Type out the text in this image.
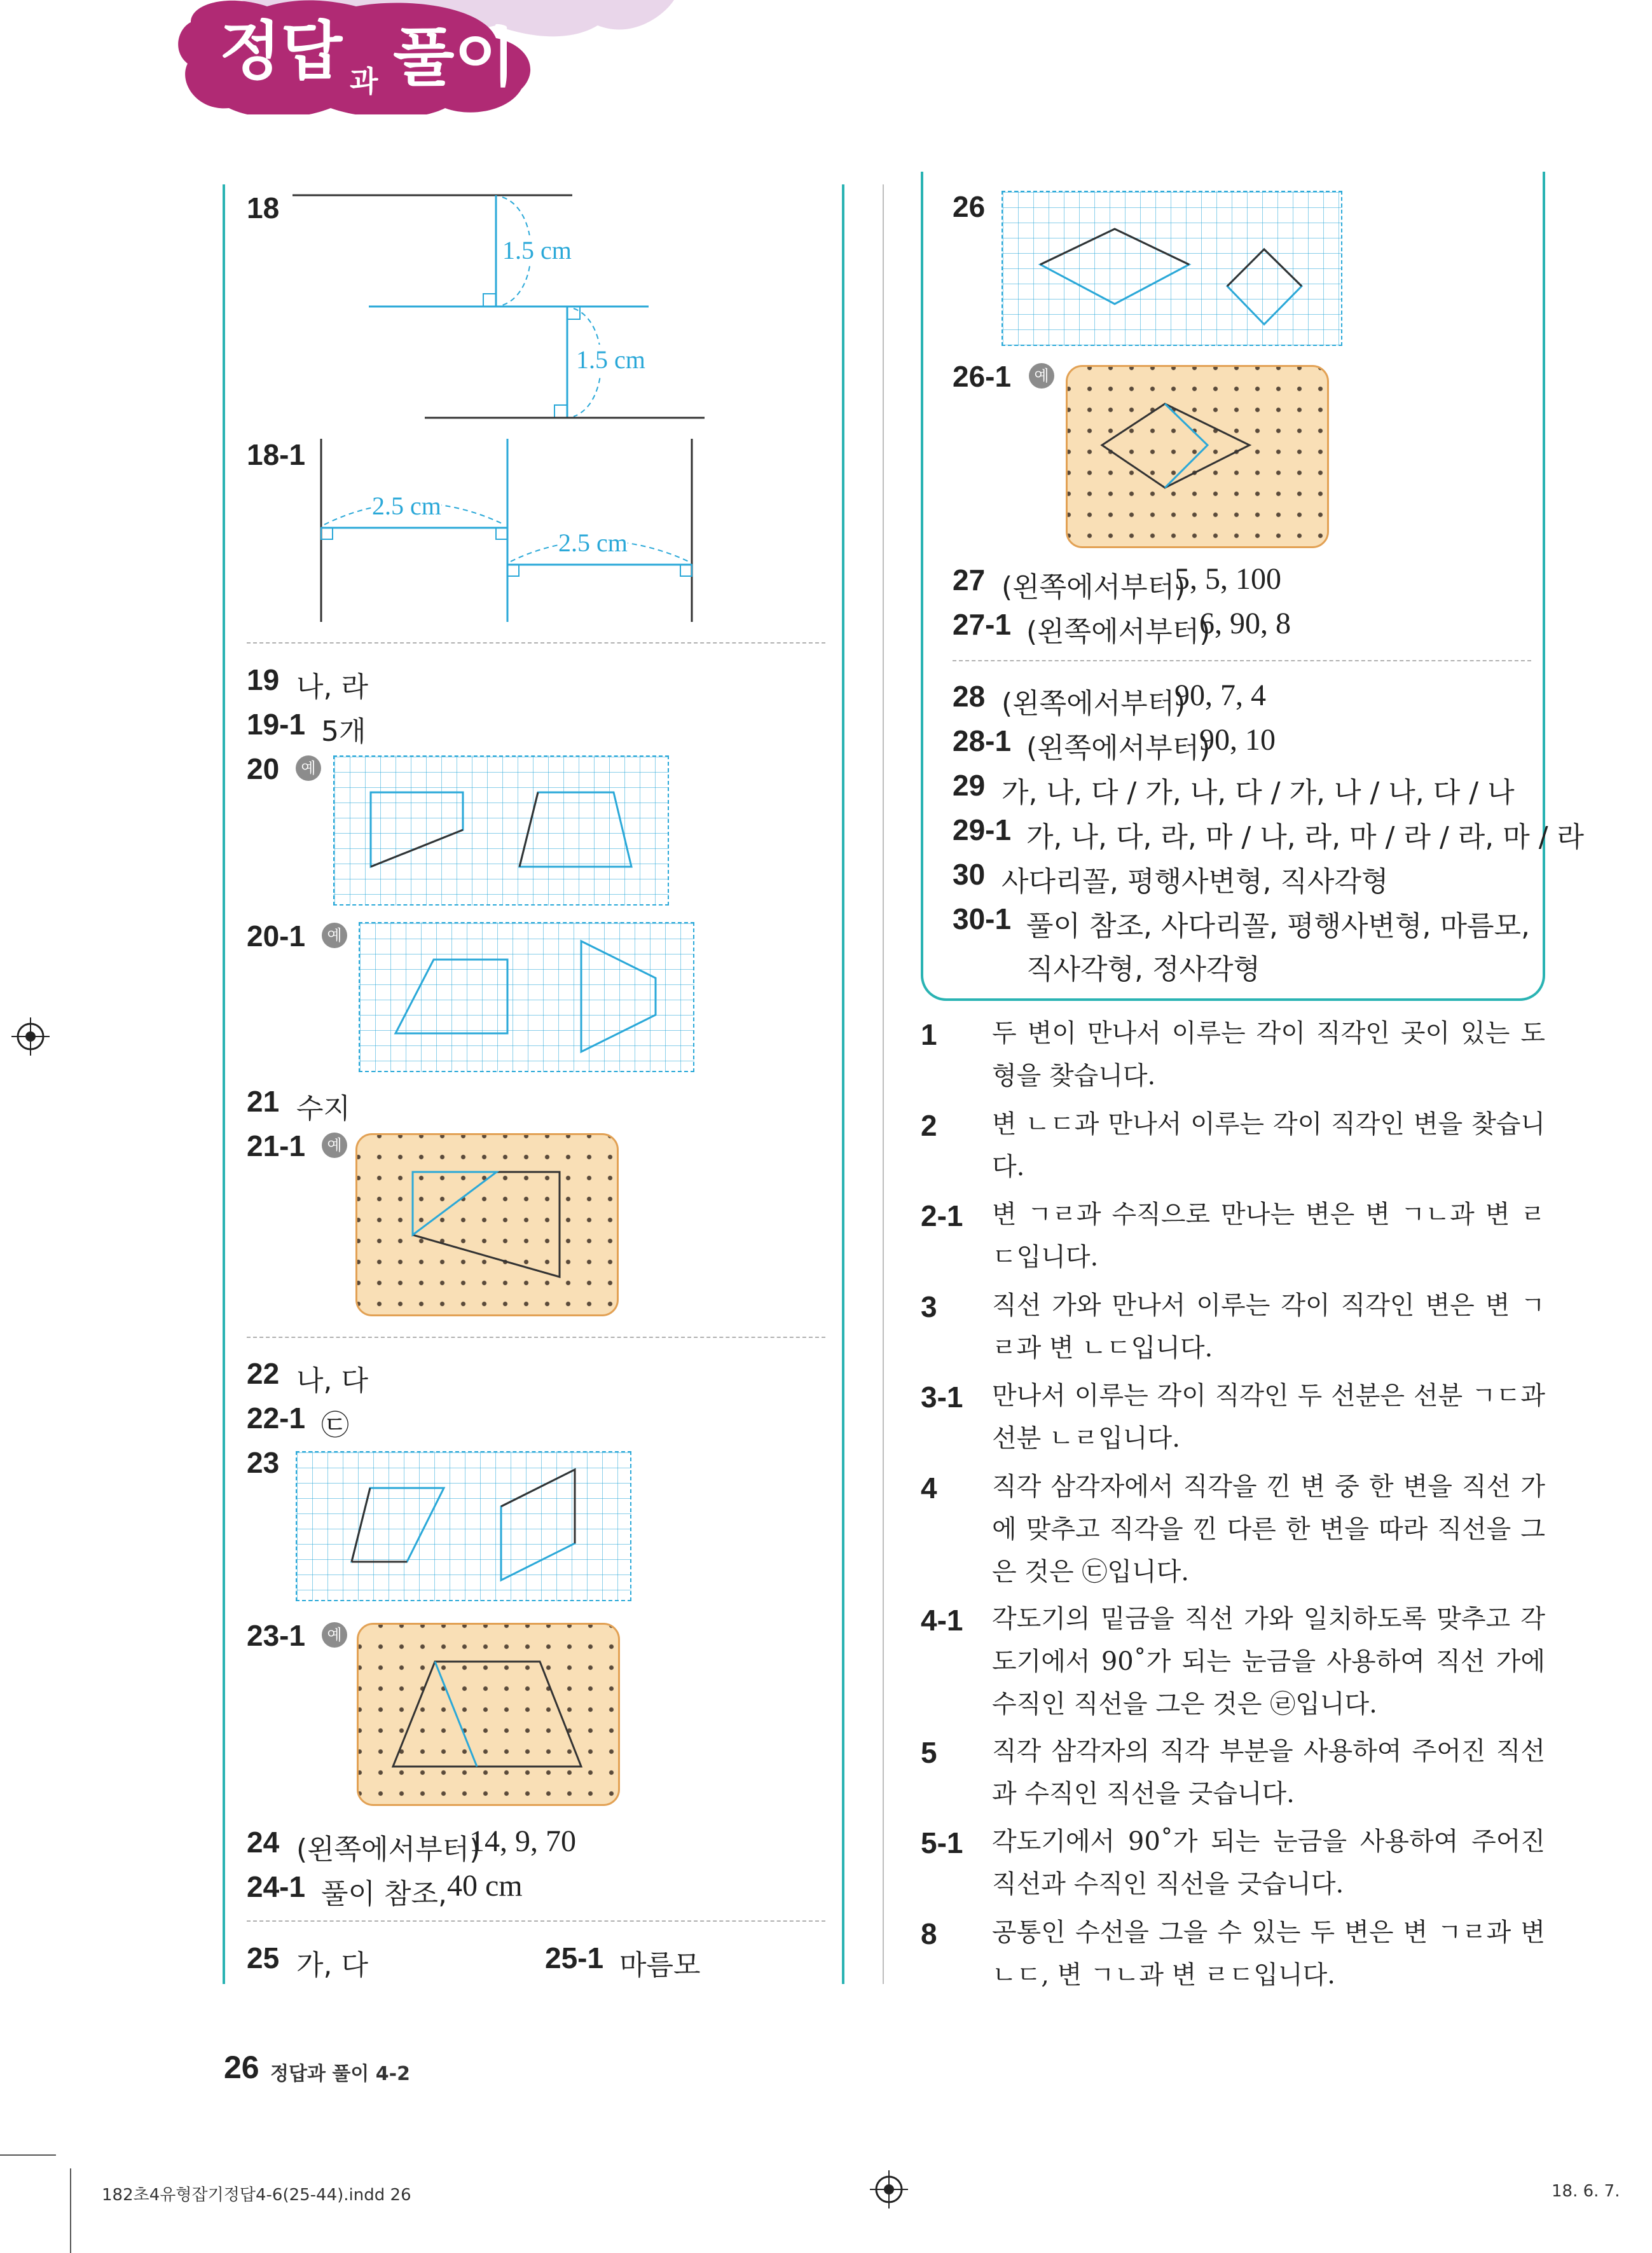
정답 과 풀이
18
1.5 cm
1.5 cm
18-1
2.5 cm
2.5 cm
19 나, 라
19-1 5개
20	예
20-1	예
21 수지
21-1	예
22 나, 다
22-1 ㉢
23
23-1	예
24 (왼쪽에서부터)
14, 9, 70
24-1 풀이 참조, 40 cm
25 가, 다	25-1 마름모
26
26-1	예
27 (왼쪽에서부터)
5, 5, 100
27-1 (왼쪽에서부터)
6, 90, 8
28 (왼쪽에서부터)
90, 7, 4
28-1 (왼쪽에서부터)
90, 10
29 가, 나, 다 / 가, 나, 다 / 가, 나 / 나, 다 / 나
29-1 가, 나, 다, 라, 마 / 나, 라, 마 / 라 / 라, 마 / 라
30 사다리꼴, 평행사변형, 직사각형
30-1 풀이 참조, 사다리꼴, 평행사변형, 마름모,
직사각형, 정사각형
1 두 변이 만나서 이루는 각이 직각인 곳이 있는 도형을 찾습니다.
2 변 ㄴㄷ과 만나서 이루는 각이 직각인 변을 찾습니다.
2-1 변 ㄱㄹ과 수직으로 만나는 변은 변 ㄱㄴ과 변 ㄹㄷ입니다.
3 직선 가와 만나서 이루는 각이 직각인 변은 변 ㄱㄹ과 변 ㄴㄷ입니다.
3-1 만나서 이루는 각이 직각인 두 선분은 선분 ㄱㄷ과 선분 ㄴㄹ입니다.
4 직각 삼각자에서 직각을 낀 변 중 한 변을 직선 가에 맞추고 직각을 낀 다른 한 변을 따라 직선을 그은 것은 ㉢입니다.
4-1 각도기의 밑금을 직선 가와 일치하도록 맞추고 각도기에서 90˚가 되는 눈금을 사용하여 직선 가에 수직인 직선을 그은 것은 ㉣입니다.
5 직각 삼각자의 직각 부분을 사용하여 주어진 직선과 수직인 직선을 긋습니다.
5-1 각도기에서 90˚가 되는 눈금을 사용하여 주어진 직선과 수직인 직선을 긋습니다.
8 공통인 수선을 그을 수 있는 두 변은 변 ㄱㄹ과 변 ㄴㄷ, 변 ㄱㄴ과 변 ㄹㄷ입니다.
26 정답과 풀이 4-2
182초4유형잡기정답4-6(25-44).indd 26	18. 6. 7.
